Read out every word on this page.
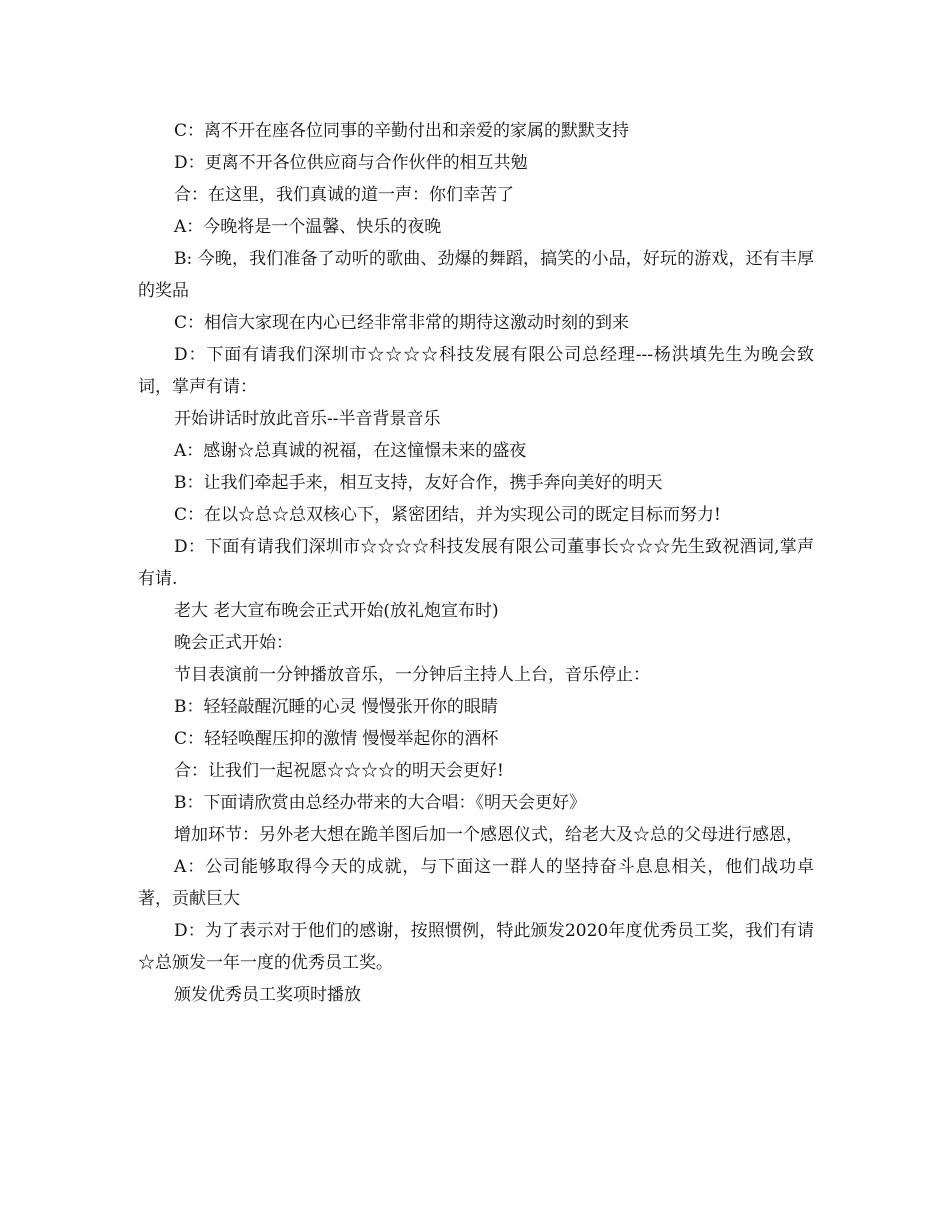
C：离不开在座各位同事的辛勤付出和亲爱的家属的默默支持

D：更离不开各位供应商与合作伙伴的相互共勉

合：在这里，我们真诚的道一声：你们幸苦了

A：今晚将是一个温馨、快乐的夜晚

B: 今晚，我们准备了动听的歌曲、劲爆的舞蹈，搞笑的小品，好玩的游戏，还有丰厚的奖品

C：相信大家现在内心已经非常非常的期待这激动时刻的到来

D：下面有请我们深圳市☆☆☆☆科技发展有限公司总经理---杨洪填先生为晚会致词，掌声有请：

开始讲话时放此音乐--半音背景音乐

A：感谢☆总真诚的祝福，在这憧憬未来的盛夜

B：让我们牵起手来，相互支持，友好合作，携手奔向美好的明天

C：在以☆总☆总双核心下，紧密团结，并为实现公司的既定目标而努力!

D：下面有请我们深圳市☆☆☆☆科技发展有限公司董事长☆☆☆先生致祝酒词,掌声有请.

老大 老大宣布晚会正式开始(放礼炮宣布时)

晚会正式开始：

节目表演前一分钟播放音乐，一分钟后主持人上台，音乐停止：

B：轻轻敲醒沉睡的心灵 慢慢张开你的眼睛

C：轻轻唤醒压抑的激情 慢慢举起你的酒杯

合：让我们一起祝愿☆☆☆☆的明天会更好!

B：下面请欣赏由总经办带来的大合唱：《明天会更好》

增加环节：另外老大想在跪羊图后加一个感恩仪式，给老大及☆总的父母进行感恩，

A：公司能够取得今天的成就，与下面这一群人的坚持奋斗息息相关，他们战功卓著，贡献巨大

D：为了表示对于他们的感谢，按照惯例，特此颁发2020年度优秀员工奖，我们有请☆总颁发一年一度的优秀员工奖。

颁发优秀员工奖项时播放
